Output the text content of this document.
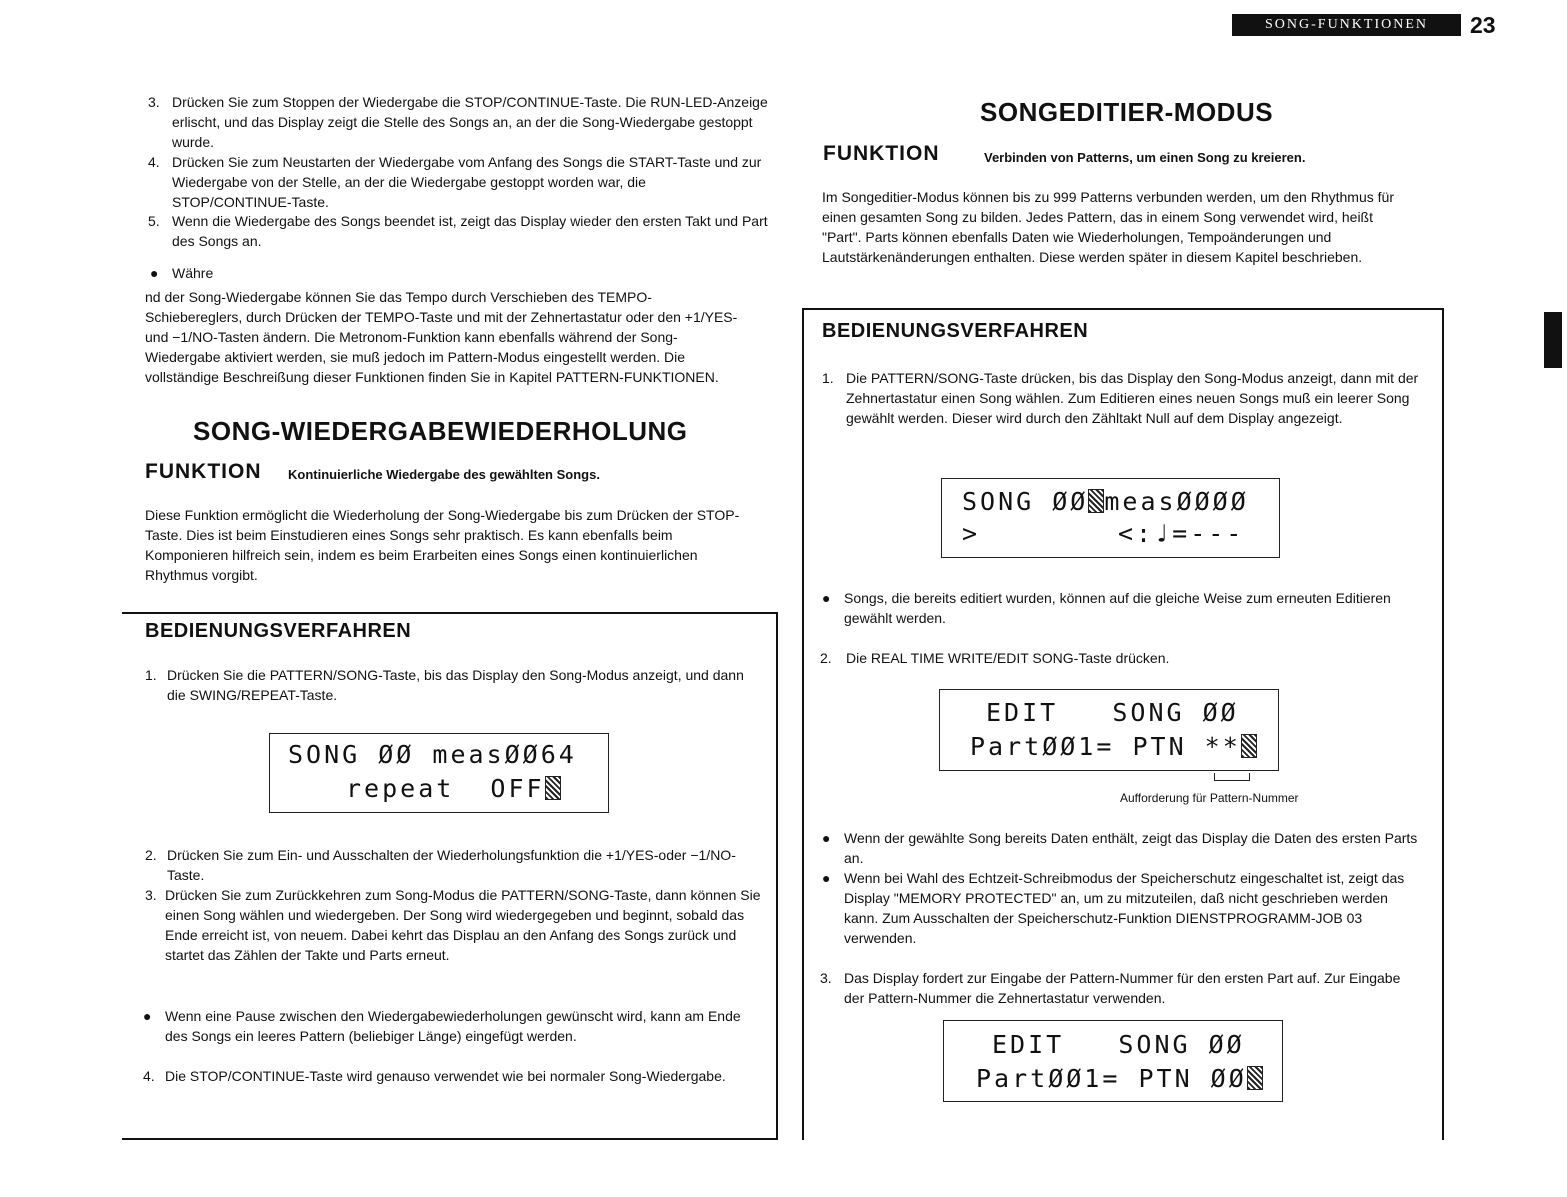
SONG-FUNKTIONEN	23
3. Drücken Sie zum Stoppen der Wiedergabe die STOP/CONTINUE-Taste. Die RUN-LED-Anzeige erlischt, und das Display zeigt die Stelle des Songs an, an der die Song-Wiedergabe gestoppt wurde.
4. Drücken Sie zum Neustarten der Wiedergabe vom Anfang des Songs die START-Taste und zur Wiedergabe von der Stelle, an der die Wiedergabe gestoppt worden war, die STOP/CONTINUE-Taste.
5. Wenn die Wiedergabe des Songs beendet ist, zeigt das Display wieder den ersten Takt und Part des Songs an.
● Währe
nd der Song-Wiedergabe können Sie das Tempo durch Verschieben des TEMPO-Schiebereglers, durch Drücken der TEMPO-Taste und mit der Zehnertastatur oder den +1/YES- und −1/NO-Tasten ändern. Die Metronom-Funktion kann ebenfalls während der Song-Wiedergabe aktiviert werden, sie muß jedoch im Pattern-Modus eingestellt werden. Die vollständige Beschreißung dieser Funktionen finden Sie in Kapitel PATTERN-FUNKTIONEN.
SONG-WIEDERGABEWIEDERHOLUNG
FUNKTION Kontinuierliche Wiedergabe des gewählten Songs.
Diese Funktion ermöglicht die Wiederholung der Song-Wiedergabe bis zum Drücken der STOP-Taste. Dies ist beim Einstudieren eines Songs sehr praktisch. Es kann ebenfalls beim Komponieren hilfreich sein, indem es beim Erarbeiten eines Songs einen kontinuierlichen Rhythmus vorgibt.
BEDIENUNGSVERFAHREN
1. Drücken Sie die PATTERN/SONG-Taste, bis das Display den Song-Modus anzeigt, und dann die SWING/REPEAT-Taste.
SONG ØØ measØØ64
repeat  OFF
2. Drücken Sie zum Ein- und Ausschalten der Wiederholungsfunktion die +1/YES-oder −1/NO-Taste.
3. Drücken Sie zum Zurückkehren zum Song-Modus die PATTERN/SONG-Taste, dann können Sie einen Song wählen und wiedergeben. Der Song wird wiedergegeben und beginnt, sobald das Ende erreicht ist, von neuem. Dabei kehrt das Displau an den Anfang des Songs zurück und startet das Zählen der Takte und Parts erneut.
● Wenn eine Pause zwischen den Wiedergabewiederholungen gewünscht wird, kann am Ende des Songs ein leeres Pattern (beliebiger Länge) eingefügt werden.
4. Die STOP/CONTINUE-Taste wird genauso verwendet wie bei normaler Song-Wiedergabe.
SONGEDITIER-MODUS
FUNKTION	Verbinden von Patterns, um einen Song zu kreieren.
Im Songeditier-Modus können bis zu 999 Patterns verbunden werden, um den Rhythmus für einen gesamten Song zu bilden. Jedes Pattern, das in einem Song verwendet wird, heißt "Part". Parts können ebenfalls Daten wie Wiederholungen, Tempoänderungen und Lautstärkenänderungen enthalten. Diese werden später in diesem Kapitel beschrieben.
BEDIENUNGSVERFAHREN
1. Die PATTERN/SONG-Taste drücken, bis das Display den Song-Modus anzeigt, dann mit der Zehnertastatur einen Song wählen. Zum Editieren eines neuen Songs muß ein leerer Song gewählt werden. Dieser wird durch den Zähltakt Null auf dem Display angezeigt.
SONG ØØ measØØØØ
>	<:♩=---
● Songs, die bereits editiert wurden, können auf die gleiche Weise zum erneuten Editieren gewählt werden.
2. Die REAL TIME WRITE/EDIT SONG-Taste drücken.
EDIT   SONG ØØ
PartØØ1= PTN **
Aufforderung für Pattern-Nummer
● Wenn der gewählte Song bereits Daten enthält, zeigt das Display die Daten des ersten Parts an.
● Wenn bei Wahl des Echtzeit-Schreibmodus der Speicherschutz eingeschaltet ist, zeigt das Display "MEMORY PROTECTED" an, um zu mitzuteilen, daß nicht geschrieben werden kann. Zum Ausschalten der Speicherschutz-Funktion DIENSTPROGRAMM-JOB 03 verwenden.
3. Das Display fordert zur Eingabe der Pattern-Nummer für den ersten Part auf. Zur Eingabe der Pattern-Nummer die Zehnertastatur verwenden.
EDIT   SONG ØØ
PartØØ1= PTN ØØ
